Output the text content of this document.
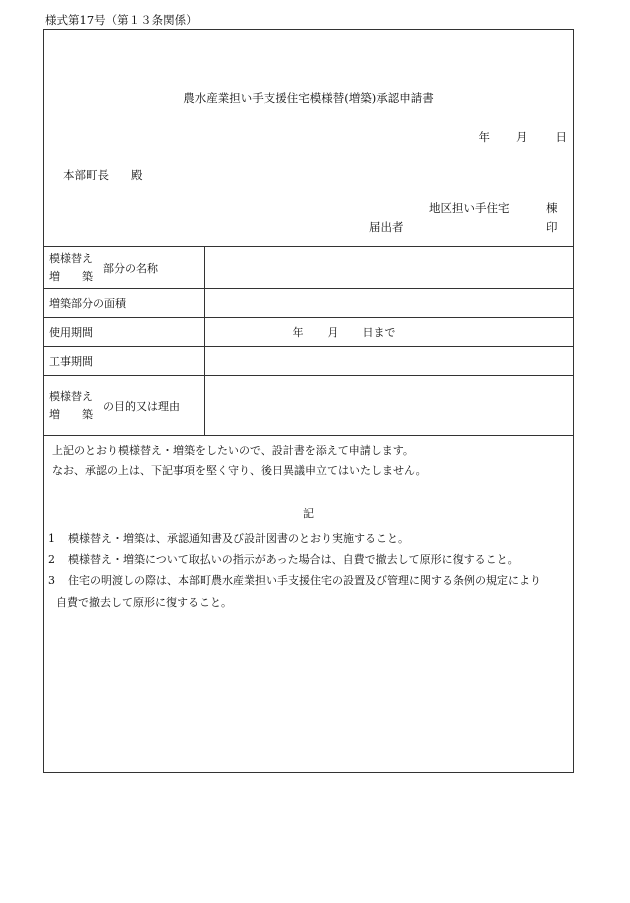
様式第17号（第１３条関係）
農水産業担い手支援住宅模様替(増築)承認申請書
年 月 日
本部町長 殿
地区担い手住宅	棟
届出者	印
模様替え
増 築
部分の名称	

増築部分の面積	
使用期間	年 月 日まで

工事期間	

模様替え
増 築
の目的又は理由	

上記のとおり模様替え・増築をしたいので、設計書を添えて申請します。
なお、承認の上は、下記事項を堅く守り、後日異議申立てはいたしません。
記
1 模様替え・増築は、承認通知書及び設計図書のとおり実施すること。
2 模様替え・増築について取払いの指示があった場合は、自費で撤去して原形に復すること。
3 住宅の明渡しの際は、本部町農水産業担い手支援住宅の設置及び管理に関する条例の規定により
自費で撤去して原形に復すること。
